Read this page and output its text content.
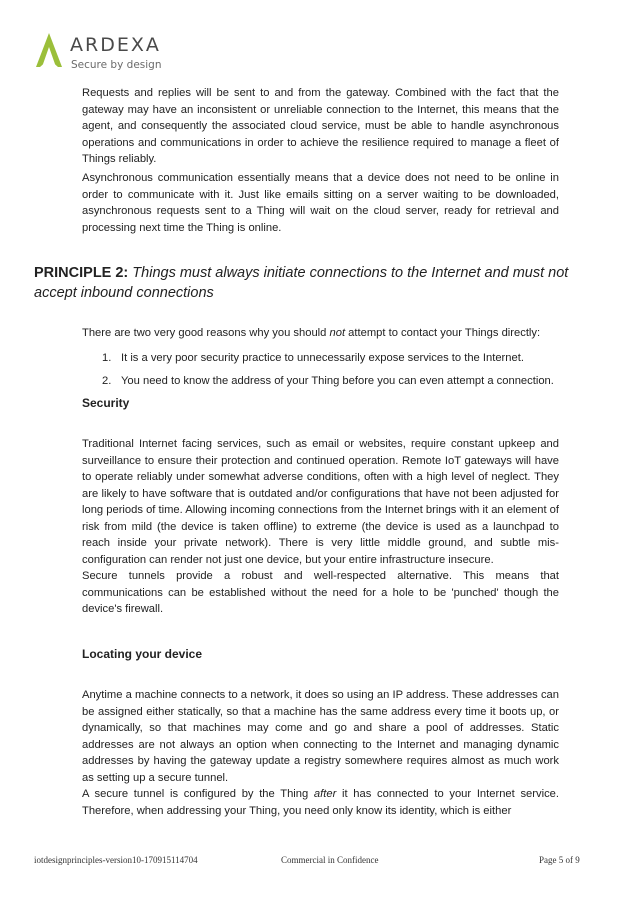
ARDEXA
Secure by design

Requests and replies will be sent to and from the gateway. Combined with the fact that the gateway may have an inconsistent or unreliable connection to the Internet, this means that the agent, and consequently the associated cloud service, must be able to handle asynchronous operations and communications in order to achieve the resilience required to manage a fleet of Things reliably.

Asynchronous communication essentially means that a device does not need to be online in order to communicate with it. Just like emails sitting on a server waiting to be downloaded, asynchronous requests sent to a Thing will wait on the cloud server, ready for retrieval and processing next time the Thing is online.

PRINCIPLE 2: Things must always initiate connections to the Internet and must not accept inbound connections

There are two very good reasons why you should not attempt to contact your Things directly:

1. It is a very poor security practice to unnecessarily expose services to the Internet.
2. You need to know the address of your Thing before you can even attempt a connection.

Security

Traditional Internet facing services, such as email or websites, require constant upkeep and surveillance to ensure their protection and continued operation. Remote IoT gateways will have to operate reliably under somewhat adverse conditions, often with a high level of neglect. They are likely to have software that is outdated and/or configurations that have not been adjusted for long periods of time. Allowing incoming connections from the Internet brings with it an element of risk from mild (the device is taken offline) to extreme (the device is used as a launchpad to reach inside your private network). There is very little middle ground, and subtle mis-configuration can render not just one device, but your entire infrastructure insecure.

Secure tunnels provide a robust and well-respected alternative. This means that communications can be established without the need for a hole to be 'punched' though the device's firewall.

Locating your device

Anytime a machine connects to a network, it does so using an IP address. These addresses can be assigned either statically, so that a machine has the same address every time it boots up, or dynamically, so that machines may come and go and share a pool of addresses. Static addresses are not always an option when connecting to the Internet and managing dynamic addresses by having the gateway update a registry somewhere requires almost as much work as setting up a secure tunnel.

A secure tunnel is configured by the Thing after it has connected to your Internet service. Therefore, when addressing your Thing, you need only know its identity, which is either

iotdesignprinciples-version10-170915114704	Commercial in Confidence	Page 5 of 9
